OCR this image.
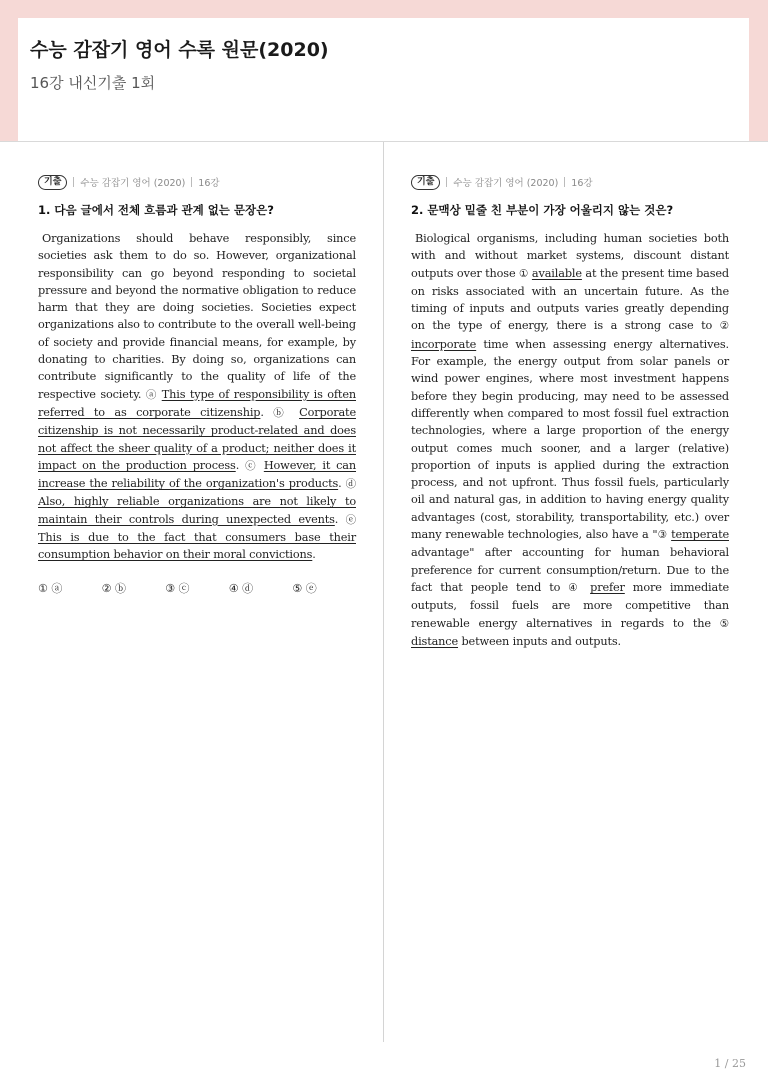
수능 감잡기 영어 수록 원문(2020)
16강 내신기출 1회
기출	수능 감잡기 영어 (2020) 16강
1. 다음 글에서 전체 흐름과 관계 없는 문장은?
Organizations should behave responsibly, since societies ask them to do so. However, organizational responsibility can go beyond responding to societal pressure and beyond the normative obligation to reduce harm that they are doing societies. Societies expect organizations also to contribute to the overall well-being of society and provide financial means, for example, by donating to charities. By doing so, organizations can contribute significantly to the quality of life of the respective society. ⓐ This type of responsibility is often referred to as corporate citizenship. ⓑ Corporate citizenship is not necessarily product-related and does not affect the sheer quality of a product; neither does it impact on the production process. ⓒ However, it can increase the reliability of the organization's products. ⓓ Also, highly reliable organizations are not likely to maintain their controls during unexpected events. ⓔ This is due to the fact that consumers base their consumption behavior on their moral convictions.
① ⓐ	② ⓑ	③ ⓒ	④ ⓓ	⑤ ⓔ
기출	수능 감잡기 영어 (2020) 16강
2. 문맥상 밑줄 친 부분이 가장 어울리지 않는 것은?
Biological organisms, including human societies both with and without market systems, discount distant outputs over those ① available at the present time based on risks associated with an uncertain future. As the timing of inputs and outputs varies greatly depending on the type of energy, there is a strong case to ② incorporate time when assessing energy alternatives. For example, the energy output from solar panels or wind power engines, where most investment happens before they begin producing, may need to be assessed differently when compared to most fossil fuel extraction technologies, where a large proportion of the energy output comes much sooner, and a larger (relative) proportion of inputs is applied during the extraction process, and not upfront. Thus fossil fuels, particularly oil and natural gas, in addition to having energy quality advantages (cost, storability, transportability, etc.) over many renewable technologies, also have a "③ temperate advantage" after accounting for human behavioral preference for current consumption/return. Due to the fact that people tend to ④ prefer more immediate outputs, fossil fuels are more competitive than renewable energy alternatives in regards to the ⑤ distance between inputs and outputs.
1 / 25
